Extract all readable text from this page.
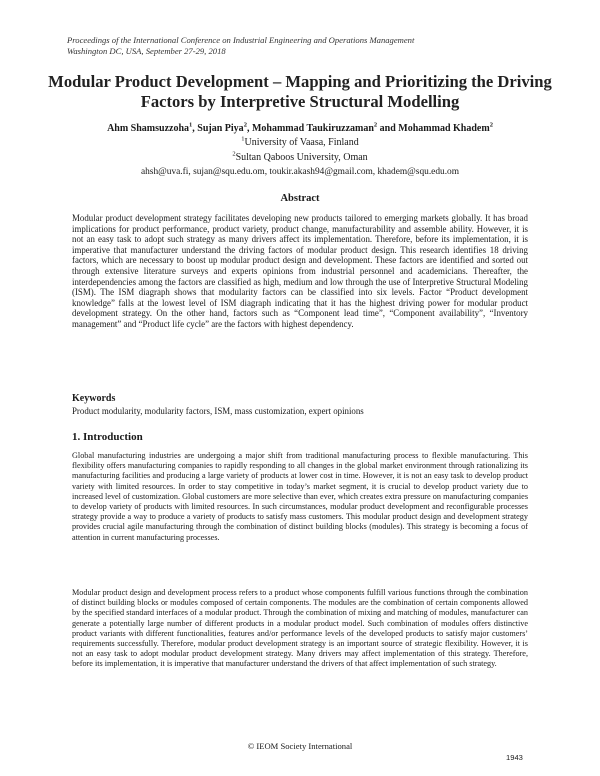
Proceedings of the International Conference on Industrial Engineering and Operations Management
Washington DC, USA, September 27-29, 2018
Modular Product Development – Mapping and Prioritizing the Driving Factors by Interpretive Structural Modelling
Ahm Shamsuzzoha$^1$, Sujan Piya$^2$, Mohammad Taukiruzzaman$^2$ and Mohammad Khadem$^2$
$^1$University of Vaasa, Finland
$^2$Sultan Qaboos University, Oman
ahsh@uva.fi, sujan@squ.edu.om, toukir.akash94@gmail.com, khadem@squ.edu.om
Abstract
Modular product development strategy facilitates developing new products tailored to emerging markets globally. It has broad implications for product performance, product variety, product change, manufacturability and assemble ability. However, it is not an easy task to adopt such strategy as many drivers affect its implementation. Therefore, before its implementation, it is imperative that manufacturer understand the driving factors of modular product design. This research identifies 18 driving factors, which are necessary to boost up modular product design and development. These factors are identified and sorted out through extensive literature surveys and experts opinions from industrial personnel and academicians. Thereafter, the interdependencies among the factors are classified as high, medium and low through the use of Interpretive Structural Modeling (ISM). The ISM diagraph shows that modularity factors can be classified into six levels. Factor “Product development knowledge” falls at the lowest level of ISM diagraph indicating that it has the highest driving power for modular product development strategy. On the other hand, factors such as “Component lead time”, “Component availability”, “Inventory management” and “Product life cycle” are the factors with highest dependency.
Keywords
Product modularity, modularity factors, ISM, mass customization, expert opinions
1. Introduction
Global manufacturing industries are undergoing a major shift from traditional manufacturing process to flexible manufacturing. This flexibility offers manufacturing companies to rapidly responding to all changes in the global market environment through rationalizing its manufacturing facilities and producing a large variety of products at lower cost in time. However, it is not an easy task to develop product variety with limited resources. In order to stay competitive in today’s market segment, it is crucial to develop product variety due to increased level of customization. Global customers are more selective than ever, which creates extra pressure on manufacturing companies to develop variety of products with limited resources. In such circumstances, modular product development and reconfigurable processes strategy provide a way to produce a variety of products to satisfy mass customers. This modular product design and development strategy provides crucial agile manufacturing through the combination of distinct building blocks (modules). This strategy is becoming a focus of attention in current manufacturing processes.
Modular product design and development process refers to a product whose components fulfill various functions through the combination of distinct building blocks or modules composed of certain components. The modules are the combination of certain components allowed by the specified standard interfaces of a modular product. Through the combination of mixing and matching of modules, manufacturer can generate a potentially large number of different products in a modular product model. Such combination of modules offers distinctive product variants with different functionalities, features and/or performance levels of the developed products to satisfy major customers’ requirements successfully. Therefore, modular product development strategy is an important source of strategic flexibility. However, it is not an easy task to adopt modular product development strategy. Many drivers may affect implementation of this strategy. Therefore, before its implementation, it is imperative that manufacturer understand the drivers of that affect implementation of such strategy.
© IEOM Society International
1943
